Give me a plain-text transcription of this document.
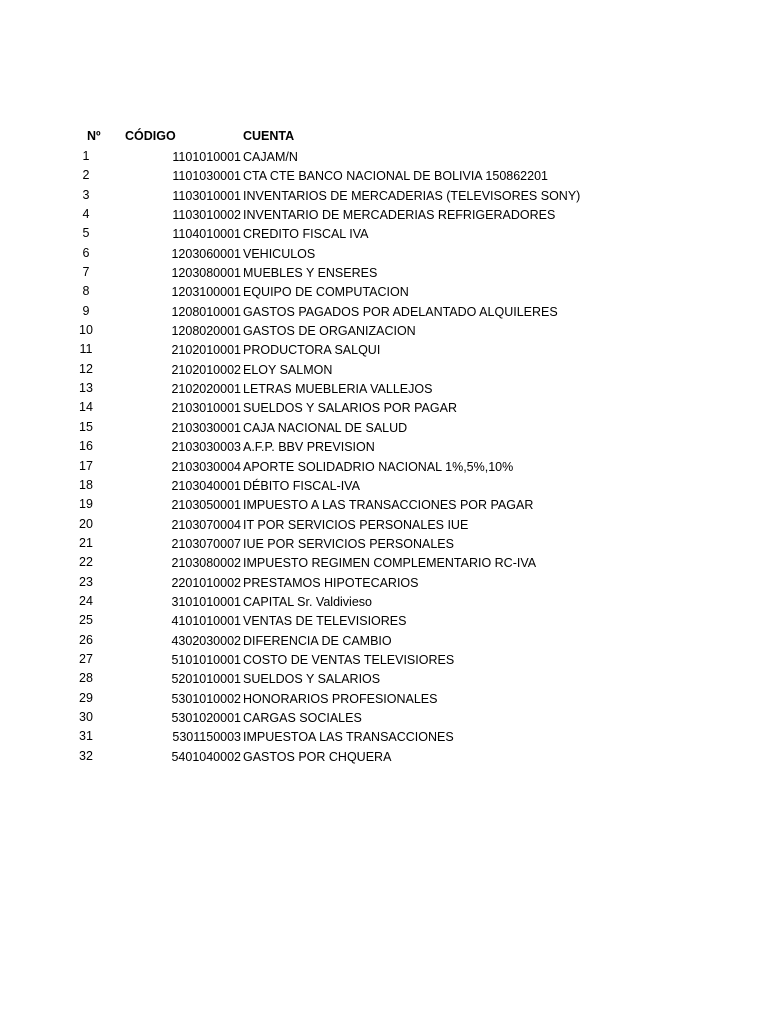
Nº CÓDIGO	CUENTA
1	1101010001 CAJAM/N
2	1101030001 CTA CTE BANCO NACIONAL DE BOLIVIA 150862201
3	1103010001 INVENTARIOS DE MERCADERIAS (TELEVISORES SONY)
4	1103010002 INVENTARIO DE MERCADERIAS REFRIGERADORES
5	1104010001 CREDITO FISCAL IVA
6	1203060001 VEHICULOS
7	1203080001 MUEBLES Y ENSERES
8	1203100001 EQUIPO DE COMPUTACION
9	1208010001 GASTOS PAGADOS POR ADELANTADO ALQUILERES
10	1208020001 GASTOS DE ORGANIZACION
11	2102010001 PRODUCTORA SALQUI
12	2102010002 ELOY SALMON
13	2102020001 LETRAS MUEBLERIA VALLEJOS
14	2103010001 SUELDOS Y SALARIOS POR PAGAR
15	2103030001 CAJA NACIONAL DE SALUD
16	2103030003 A.F.P. BBV PREVISION
17	2103030004 APORTE SOLIDADRIO NACIONAL 1%,5%,10%
18	2103040001 DÉBITO FISCAL-IVA
19	2103050001 IMPUESTO A LAS TRANSACCIONES POR PAGAR
20	2103070004 IT POR SERVICIOS PERSONALES IUE
21	2103070007 IUE POR SERVICIOS PERSONALES
22	2103080002 IMPUESTO REGIMEN COMPLEMENTARIO RC-IVA
23	2201010002 PRESTAMOS HIPOTECARIOS
24	3101010001 CAPITAL Sr. Valdivieso
25	4101010001 VENTAS DE TELEVISIORES
26	4302030002 DIFERENCIA DE CAMBIO
27	5101010001 COSTO DE VENTAS TELEVISIORES
28	5201010001 SUELDOS Y SALARIOS
29	5301010002 HONORARIOS PROFESIONALES
30	5301020001 CARGAS SOCIALES
31	5301150003 IMPUESTOA LAS TRANSACCIONES
32	5401040002 GASTOS POR CHQUERA
